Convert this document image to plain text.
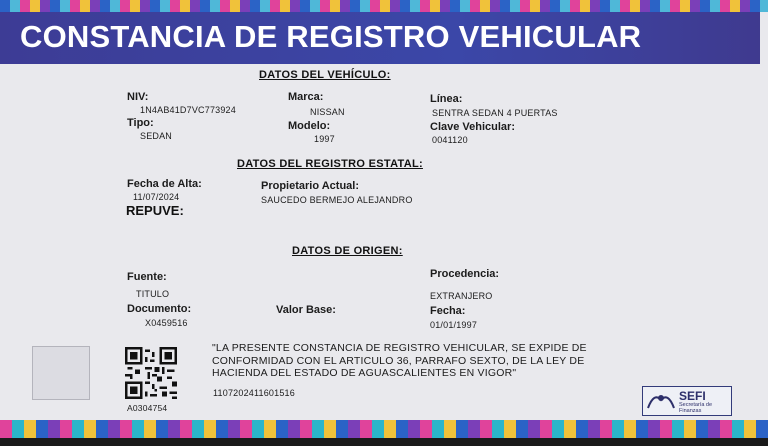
CONSTANCIA DE REGISTRO VEHICULAR
DATOS DEL VEHÍCULO:
NIV:
1N4AB41D7VC773924
Marca:
NISSAN
Línea:
SENTRA SEDAN 4 PUERTAS
Tipo:
SEDAN
Modelo:
1997
Clave Vehicular:
0041120
DATOS DEL REGISTRO ESTATAL:
Fecha de Alta:
11/07/2024
Propietario Actual:
SAUCEDO BERMEJO ALEJANDRO
REPUVE:
DATOS DE ORIGEN:
Fuente:
TITULO
Procedencia:
EXTRANJERO
Documento:
X0459516
Valor Base:	Fecha:
01/01/1997
A0304754
"LA PRESENTE CONSTANCIA DE REGISTRO VEHICULAR, SE EXPIDE DE CONFORMIDAD CON EL ARTICULO 36, PARRAFO SEXTO, DE LA LEY DE HACIENDA DEL ESTADO DE AGUASCALIENTES EN VIGOR"
1107202411601516	SEFI
Secretaría de Finanzas
